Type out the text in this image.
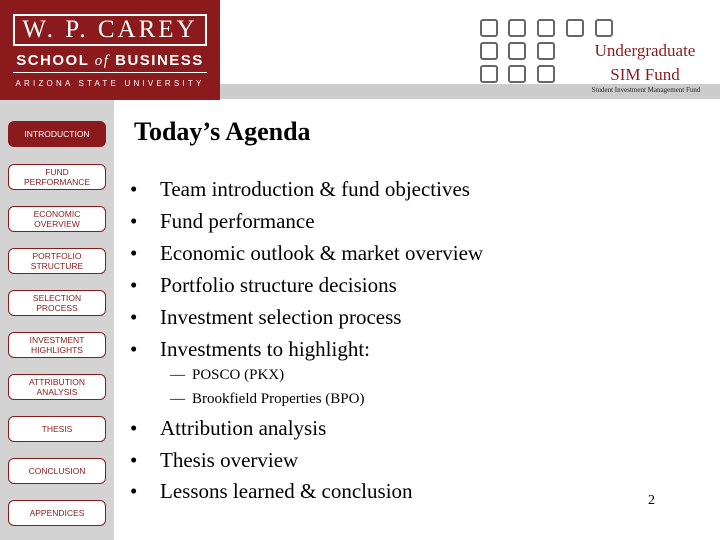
W. P. CAREY
SCHOOL of BUSINESS
ARIZONA STATE UNIVERSITY
Undergraduate
SIM Fund
Student Investment Management Fund
INTRODUCTION
FUND PERFORMANCE
ECONOMIC OVERVIEW
PORTFOLIO STRUCTURE
SELECTION PROCESS
INVESTMENT HIGHLIGHTS
ATTRIBUTION ANALYSIS
THESIS
CONCLUSION
APPENDICES
Today’s Agenda
• Team introduction & fund objectives
• Fund performance
• Economic outlook & market overview
• Portfolio structure decisions
• Investment selection process
• Investments to highlight:
— POSCO (PKX)
— Brookfield Properties (BPO)
• Attribution analysis
• Thesis overview
• Lessons learned & conclusion	2
